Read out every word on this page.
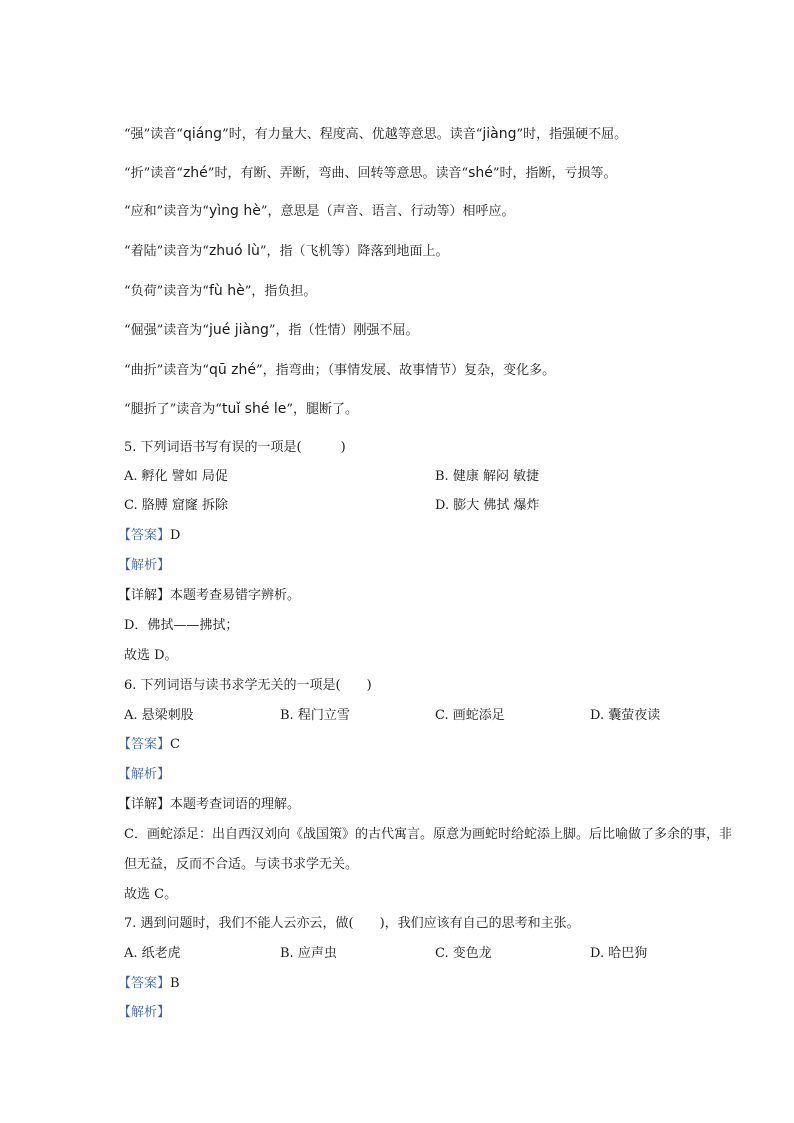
“强”读音“qiáng”时，有力量大、程度高、优越等意思。读音“jiàng”时，指强硬不屈。
“折”读音“zhé”时，有断、弄断，弯曲、回转等意思。读音“shé”时，指断，亏损等。
“应和”读音为“yìng hè”，意思是（声音、语言、行动等）相呼应。
“着陆”读音为“zhuó lù”，指（飞机等）降落到地面上。
“负荷”读音为“fù hè”，指负担。
“倔强”读音为“jué jiàng”，指（性情）刚强不屈。
“曲折”读音为“qū zhé”，指弯曲；（事情发展、故事情节）复杂，变化多。
“腿折了”读音为“tuǐ shé le”，腿断了。
5. 下列词语书写有误的一项是(　　　)
A. 孵化 譬如 局促	B. 健康 解闷 敏捷
C. 胳膊 窟窿 拆除	D. 膨大 佛拭 爆炸
【答案】D
【解析】
【详解】本题考查易错字辨析。
D．佛拭——拂拭；
故选 D。
6. 下列词语与读书求学无关的一项是(　　)
A. 悬梁刺股	B. 程门立雪	C. 画蛇添足	D. 囊萤夜读
【答案】C
【解析】
【详解】本题考查词语的理解。
C．画蛇添足：出自西汉刘向《战国策》的古代寓言。原意为画蛇时给蛇添上脚。后比喻做了多余的事，非
但无益，反而不合适。与读书求学无关。
故选 C。
7. 遇到问题时，我们不能人云亦云，做(　　)，我们应该有自己的思考和主张。
A. 纸老虎	B. 应声虫	C. 变色龙	D. 哈巴狗
【答案】B
【解析】
